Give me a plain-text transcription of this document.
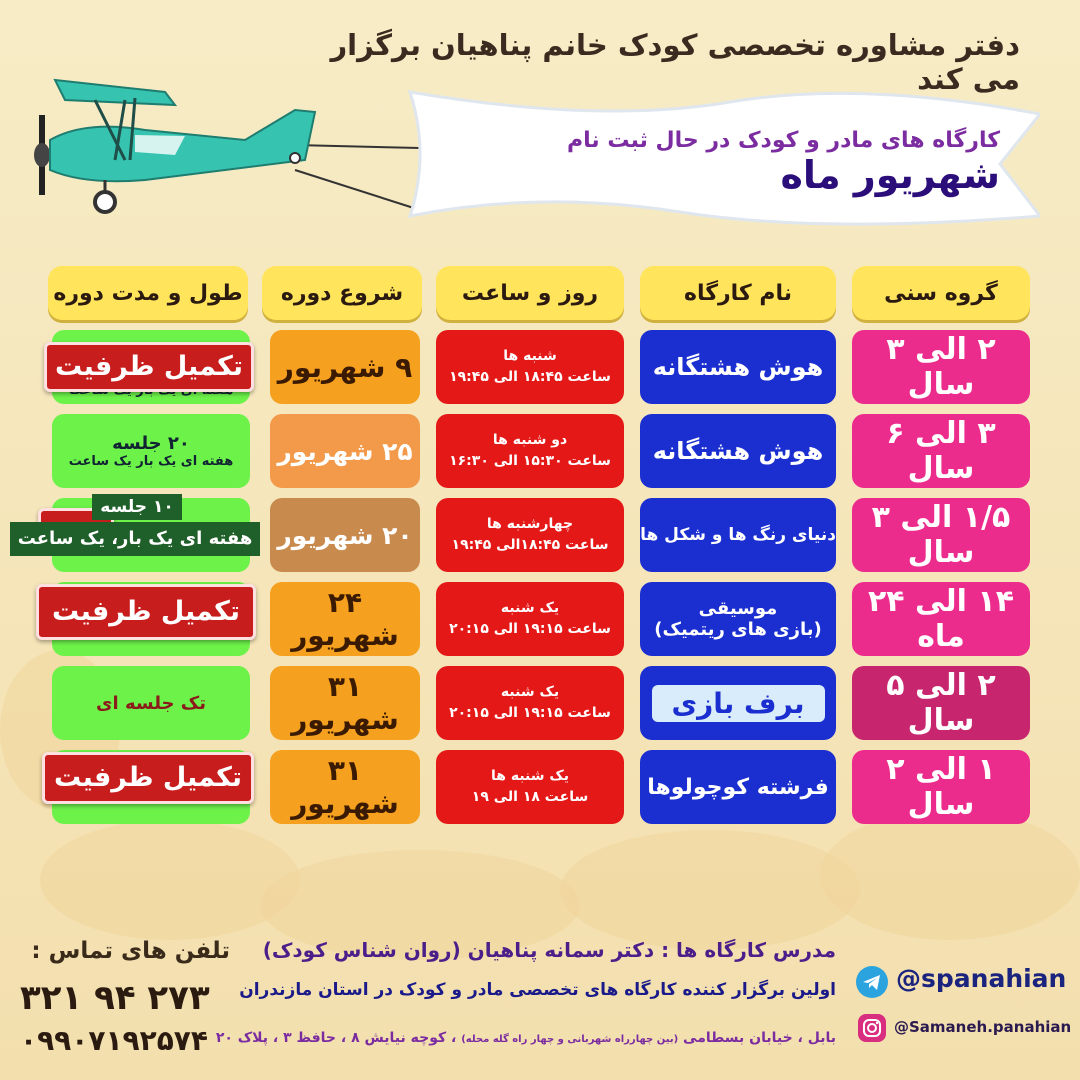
دفتر مشاوره تخصصی کودک خانم پناهیان برگزار می کند
کارگاه های مادر و کودک در حال ثبت نام شهریور ماه
گروه سنی
نام کارگاه
روز و ساعت
شروع دوره
طول و مدت دوره
۲ الی ۳ سال
هوش هشتگانه
شنبه ها
ساعت ۱۸:۴۵ الی ۱۹:۴۵
۹ شهریور
۳ الی ۶ سال
هوش هشتگانه
دو شنبه ها
ساعت ۱۵:۳۰ الی ۱۶:۳۰
۲۵ شهریور
۲۰ جلسه
هفته ای یک بار یک ساعت
۱/۵ الی ۳ سال
دنیای رنگ ها و شکل ها
چهارشنبه ها
ساعت ۱۸:۴۵الی ۱۹:۴۵
۲۰ شهریور
۱۴ الی ۲۴ ماه
موسیقی
(بازی های ریتمیک)
یک شنبه
ساعت ۱۹:۱۵ الی ۲۰:۱۵
۲۴ شهریور
۲ الی ۵ سال
برف بازی
یک شنبه
ساعت ۱۹:۱۵ الی ۲۰:۱۵
۳۱ شهریور
تک جلسه ای
۱ الی ۲ سال
فرشته کوچولوها
یک شنبه ها
ساعت ۱۸ الی ۱۹
۳۱ شهریور
تکمیل ظرفیت
تکمیل ظرفیت
تکمیل ظرفیت
۱۰ جلسه
هفته ای یک بار، یک ساعت
تلفن های تماس :
۳۲۱ ۹۴ ۲۷۳
۰۹۹۰۷۱۹۲۵۷۴
مدرس کارگاه ها : دکتر سمانه پناهیان (روان شناس کودک)
اولین برگزار کننده کارگاه های تخصصی مادر و کودک در استان مازندران
بابل ، خیابان بسطامی (بین چهارراه شهربانی و چهار راه گله محله) ، کوچه نیایش ۸ ، حافظ ۳ ، پلاک ۲۰
@spanahian
@Samaneh.panahian
